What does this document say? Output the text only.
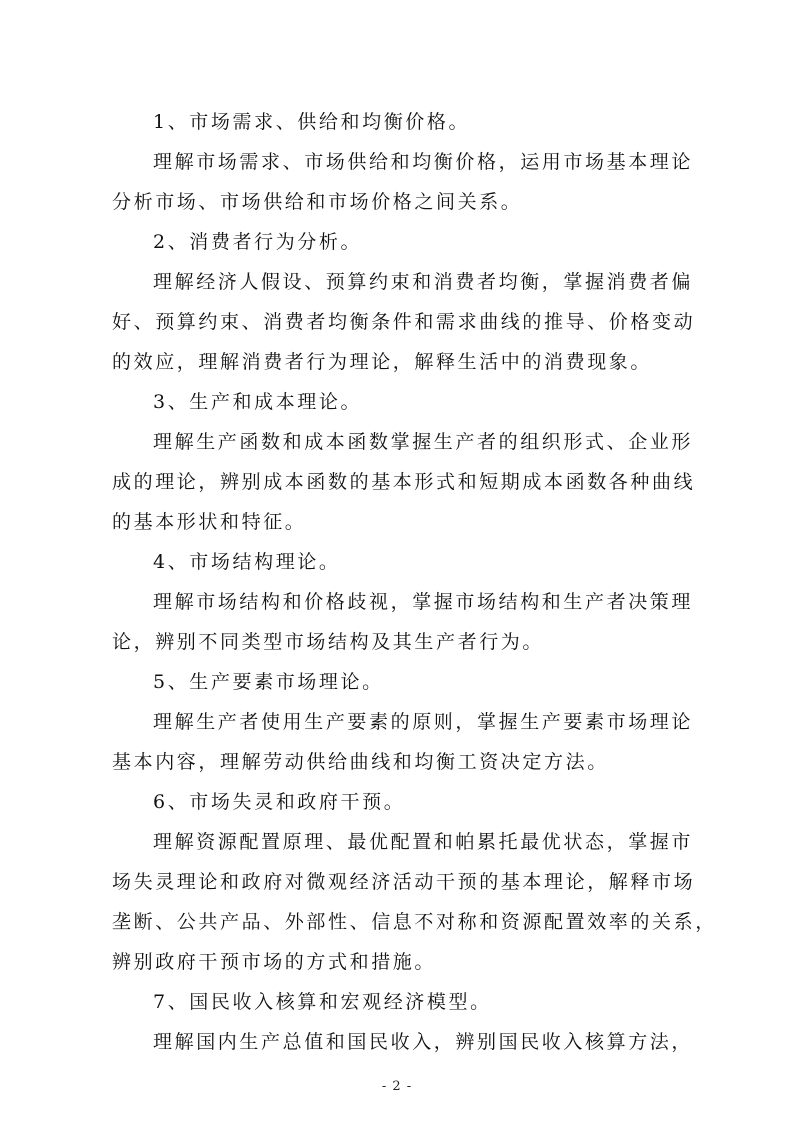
1、市场需求、供给和均衡价格。
理解市场需求、市场供给和均衡价格，运用市场基本理论
分析市场、市场供给和市场价格之间关系。
2、消费者行为分析。
理解经济人假设、预算约束和消费者均衡，掌握消费者偏
好、预算约束、消费者均衡条件和需求曲线的推导、价格变动
的效应，理解消费者行为理论，解释生活中的消费现象。
3、生产和成本理论。
理解生产函数和成本函数掌握生产者的组织形式、企业形
成的理论，辨别成本函数的基本形式和短期成本函数各种曲线
的基本形状和特征。
4、市场结构理论。
理解市场结构和价格歧视，掌握市场结构和生产者决策理
论，辨别不同类型市场结构及其生产者行为。
5、生产要素市场理论。
理解生产者使用生产要素的原则，掌握生产要素市场理论
基本内容，理解劳动供给曲线和均衡工资决定方法。
6、市场失灵和政府干预。
理解资源配置原理、最优配置和帕累托最优状态，掌握市
场失灵理论和政府对微观经济活动干预的基本理论，解释市场
垄断、公共产品、外部性、信息不对称和资源配置效率的关系，
辨别政府干预市场的方式和措施。
7、国民收入核算和宏观经济模型。
理解国内生产总值和国民收入，辨别国民收入核算方法，
- 2 -
